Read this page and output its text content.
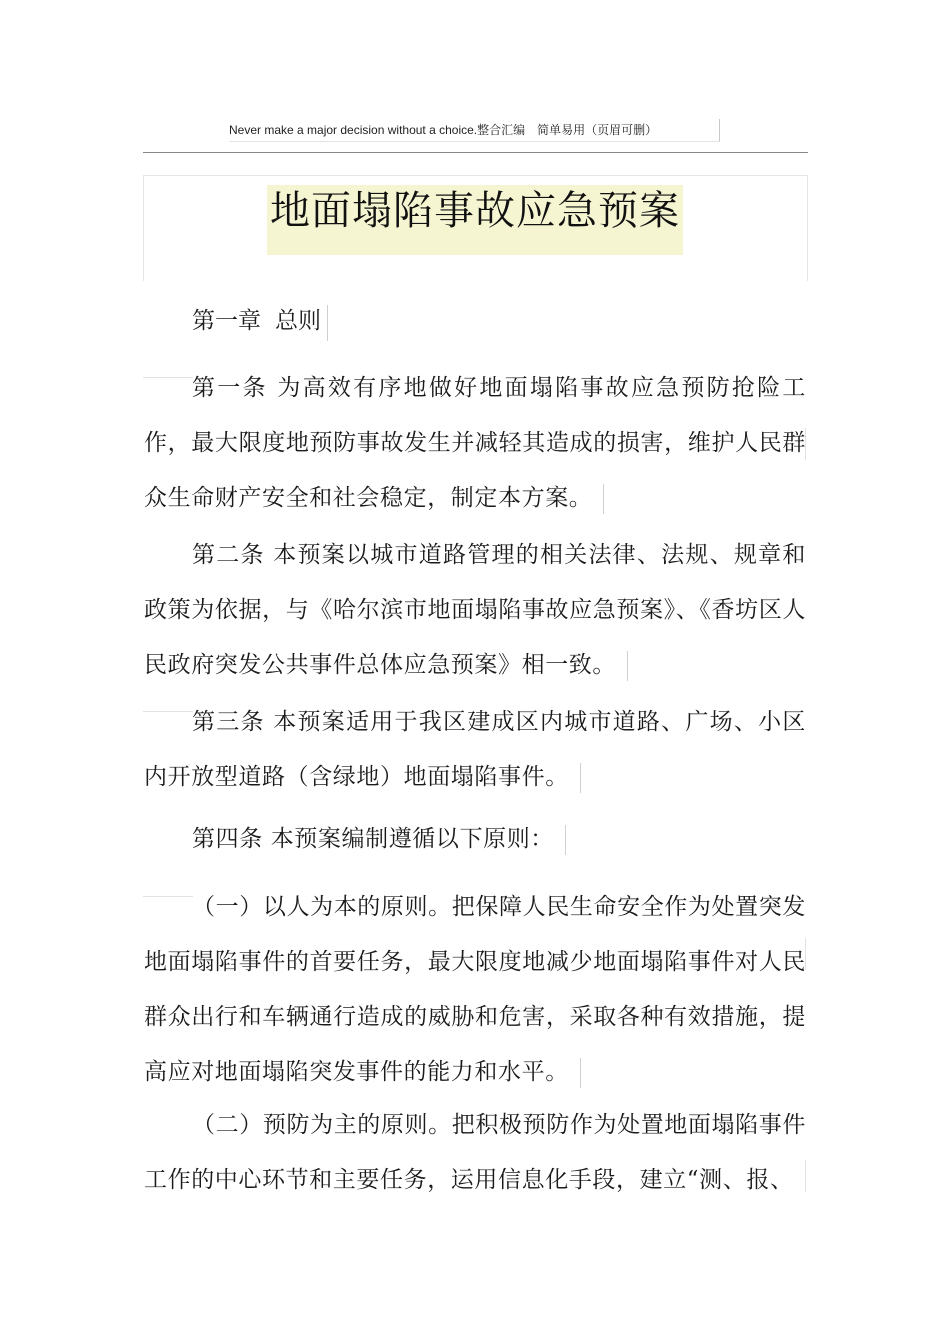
Never make a major decision without a choice.整合汇编　简单易用（页眉可删）
地面塌陷事故应急预案
第一章 总则

第一条 为高效有序地做好地面塌陷事故应急预防抢险工作，最大限度地预防事故发生并减轻其造成的损害，维护人民群众生命财产安全和社会稳定，制定本方案。

第二条 本预案以城市道路管理的相关法律、法规、规章和政策为依据，与《哈尔滨市地面塌陷事故应急预案》、《香坊区人民政府突发公共事件总体应急预案》相一致。

第三条 本预案适用于我区建成区内城市道路、广场、小区内开放型道路（含绿地）地面塌陷事件。

第四条 本预案编制遵循以下原则：

（一）以人为本的原则。把保障人民生命安全作为处置突发地面塌陷事件的首要任务，最大限度地减少地面塌陷事件对人民群众出行和车辆通行造成的威胁和危害，采取各种有效措施，提高应对地面塌陷突发事件的能力和水平。

（二）预防为主的原则。把积极预防作为处置地面塌陷事件工作的中心环节和主要任务，运用信息化手段，建立“测、报、
